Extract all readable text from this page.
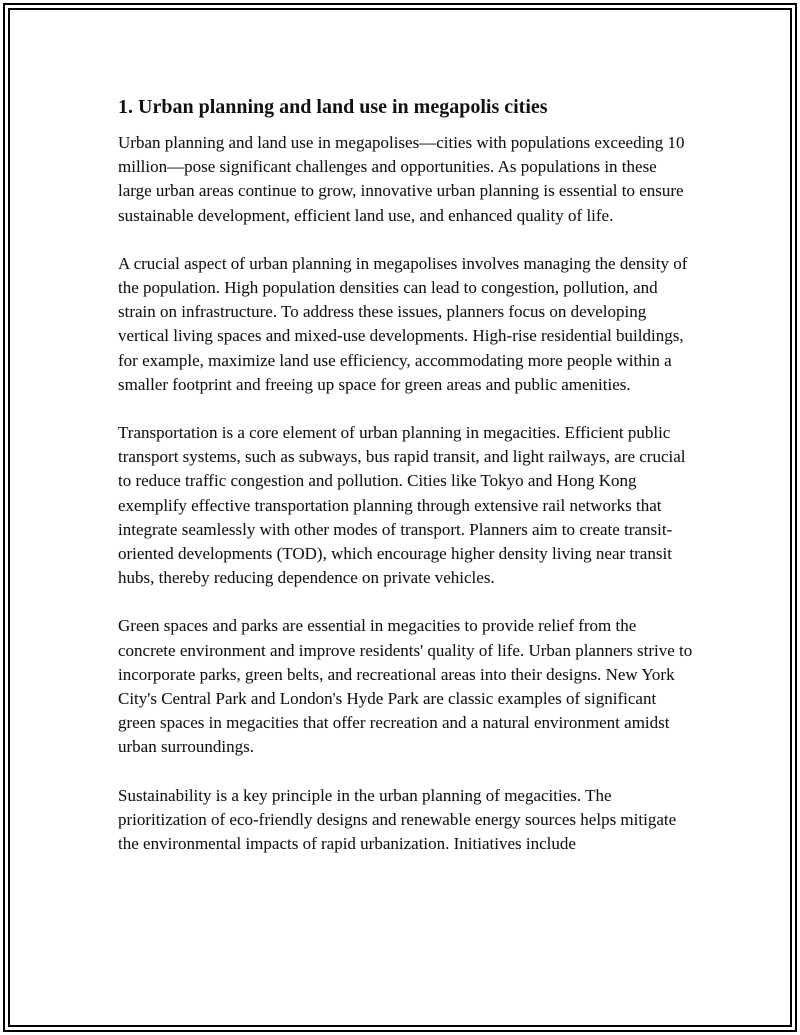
1. Urban planning and land use in megapolis cities

Urban planning and land use in megapolises—cities with populations exceeding 10 million—pose significant challenges and opportunities. As populations in these large urban areas continue to grow, innovative urban planning is essential to ensure sustainable development, efficient land use, and enhanced quality of life.

A crucial aspect of urban planning in megapolises involves managing the density of the population. High population densities can lead to congestion, pollution, and strain on infrastructure. To address these issues, planners focus on developing vertical living spaces and mixed-use developments. High-rise residential buildings, for example, maximize land use efficiency, accommodating more people within a smaller footprint and freeing up space for green areas and public amenities.

Transportation is a core element of urban planning in megacities. Efficient public transport systems, such as subways, bus rapid transit, and light railways, are crucial to reduce traffic congestion and pollution. Cities like Tokyo and Hong Kong exemplify effective transportation planning through extensive rail networks that integrate seamlessly with other modes of transport. Planners aim to create transit-oriented developments (TOD), which encourage higher density living near transit hubs, thereby reducing dependence on private vehicles.

Green spaces and parks are essential in megacities to provide relief from the concrete environment and improve residents' quality of life. Urban planners strive to incorporate parks, green belts, and recreational areas into their designs. New York City's Central Park and London's Hyde Park are classic examples of significant green spaces in megacities that offer recreation and a natural environment amidst urban surroundings.

Sustainability is a key principle in the urban planning of megacities. The prioritization of eco-friendly designs and renewable energy sources helps mitigate the environmental impacts of rapid urbanization. Initiatives include
